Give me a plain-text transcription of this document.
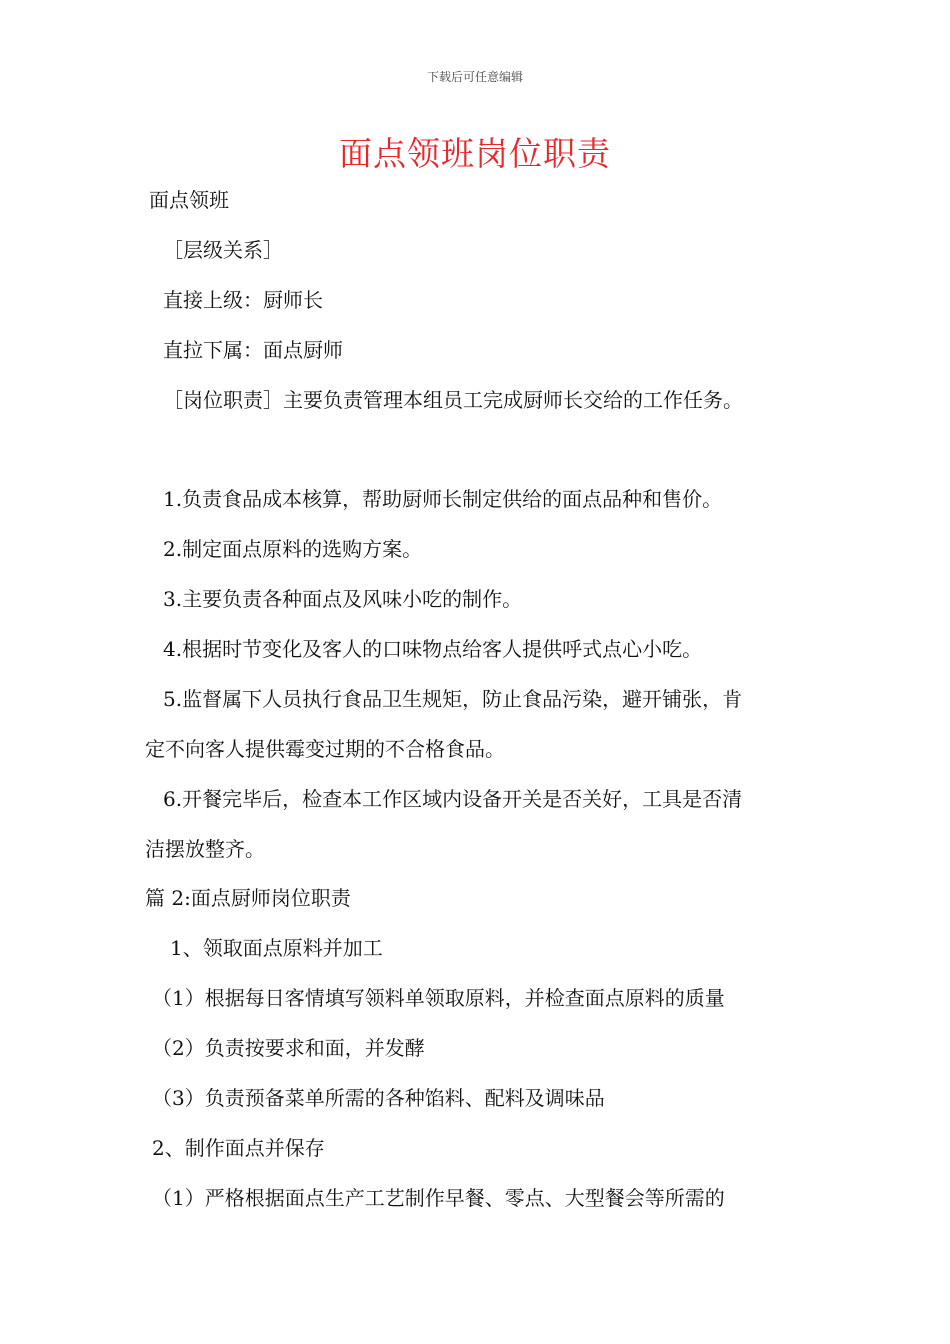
下载后可任意编辑
面点领班岗位职责
面点领班
［层级关系］
直接上级：厨师长
直拉下属：面点厨师
［岗位职责］主要负责管理本组员工完成厨师长交给的工作任务。
1.负责食品成本核算，帮助厨师长制定供给的面点品种和售价。
2.制定面点原料的选购方案。
3.主要负责各种面点及风味小吃的制作。
4.根据时节变化及客人的口味物点给客人提供呼式点心小吃。
5.监督属下人员执行食品卫生规矩，防止食品污染，避开铺张，肯
定不向客人提供霉变过期的不合格食品。
6.开餐完毕后，检查本工作区域内设备开关是否关好，工具是否清
洁摆放整齐。
篇 2:面点厨师岗位职责
1、领取面点原料并加工
（1）根据每日客情填写领料单领取原料，并检查面点原料的质量
（2）负责按要求和面，并发酵
（3）负责预备菜单所需的各种馅料、配料及调味品
2、制作面点并保存
（1）严格根据面点生产工艺制作早餐、零点、大型餐会等所需的
